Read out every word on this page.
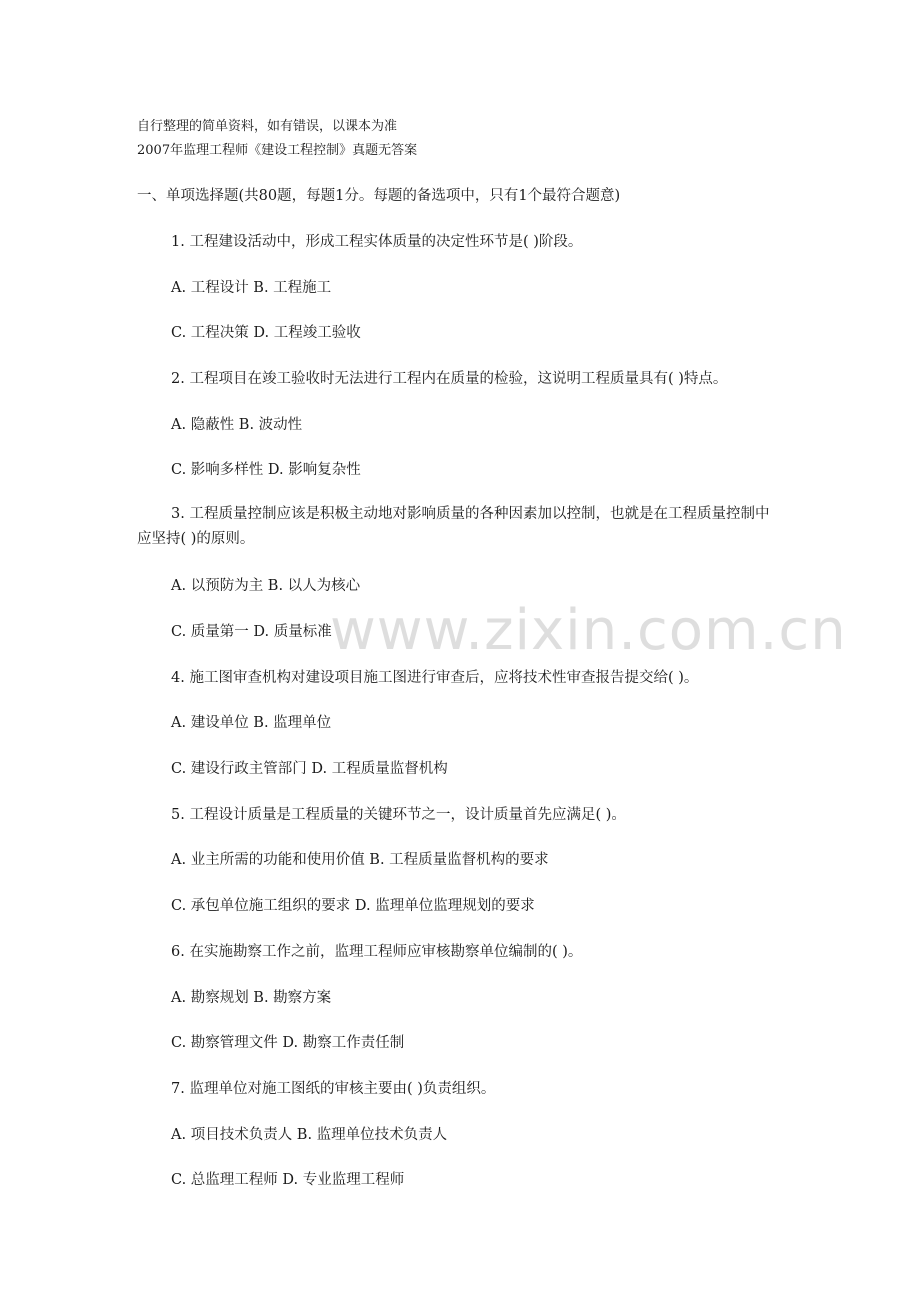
自行整理的简单资料，如有错误，以课本为准
2007年监理工程师《建设工程控制》真题无答案
一、单项选择题(共80题，每题1分。每题的备选项中，只有1个最符合题意)
1. 工程建设活动中，形成工程实体质量的决定性环节是( )阶段。
A. 工程设计 B. 工程施工
C. 工程决策 D. 工程竣工验收
2. 工程项目在竣工验收时无法进行工程内在质量的检验，这说明工程质量具有( )特点。
A. 隐蔽性 B. 波动性
C. 影响多样性 D. 影响复杂性
3. 工程质量控制应该是积极主动地对影响质量的各种因素加以控制，也就是在工程质量控制中应坚持( )的原则。
A. 以预防为主 B. 以人为核心
C. 质量第一 D. 质量标准
4. 施工图审查机构对建设项目施工图进行审查后，应将技术性审查报告提交给( )。
A. 建设单位 B. 监理单位
C. 建设行政主管部门 D. 工程质量监督机构
5. 工程设计质量是工程质量的关键环节之一，设计质量首先应满足( )。
A. 业主所需的功能和使用价值 B. 工程质量监督机构的要求
C. 承包单位施工组织的要求 D. 监理单位监理规划的要求
6. 在实施勘察工作之前，监理工程师应审核勘察单位编制的( )。
A. 勘察规划 B. 勘察方案
C. 勘察管理文件 D. 勘察工作责任制
7. 监理单位对施工图纸的审核主要由( )负责组织。
A. 项目技术负责人 B. 监理单位技术负责人
C. 总监理工程师 D. 专业监理工程师
www.zixin.com.cn
